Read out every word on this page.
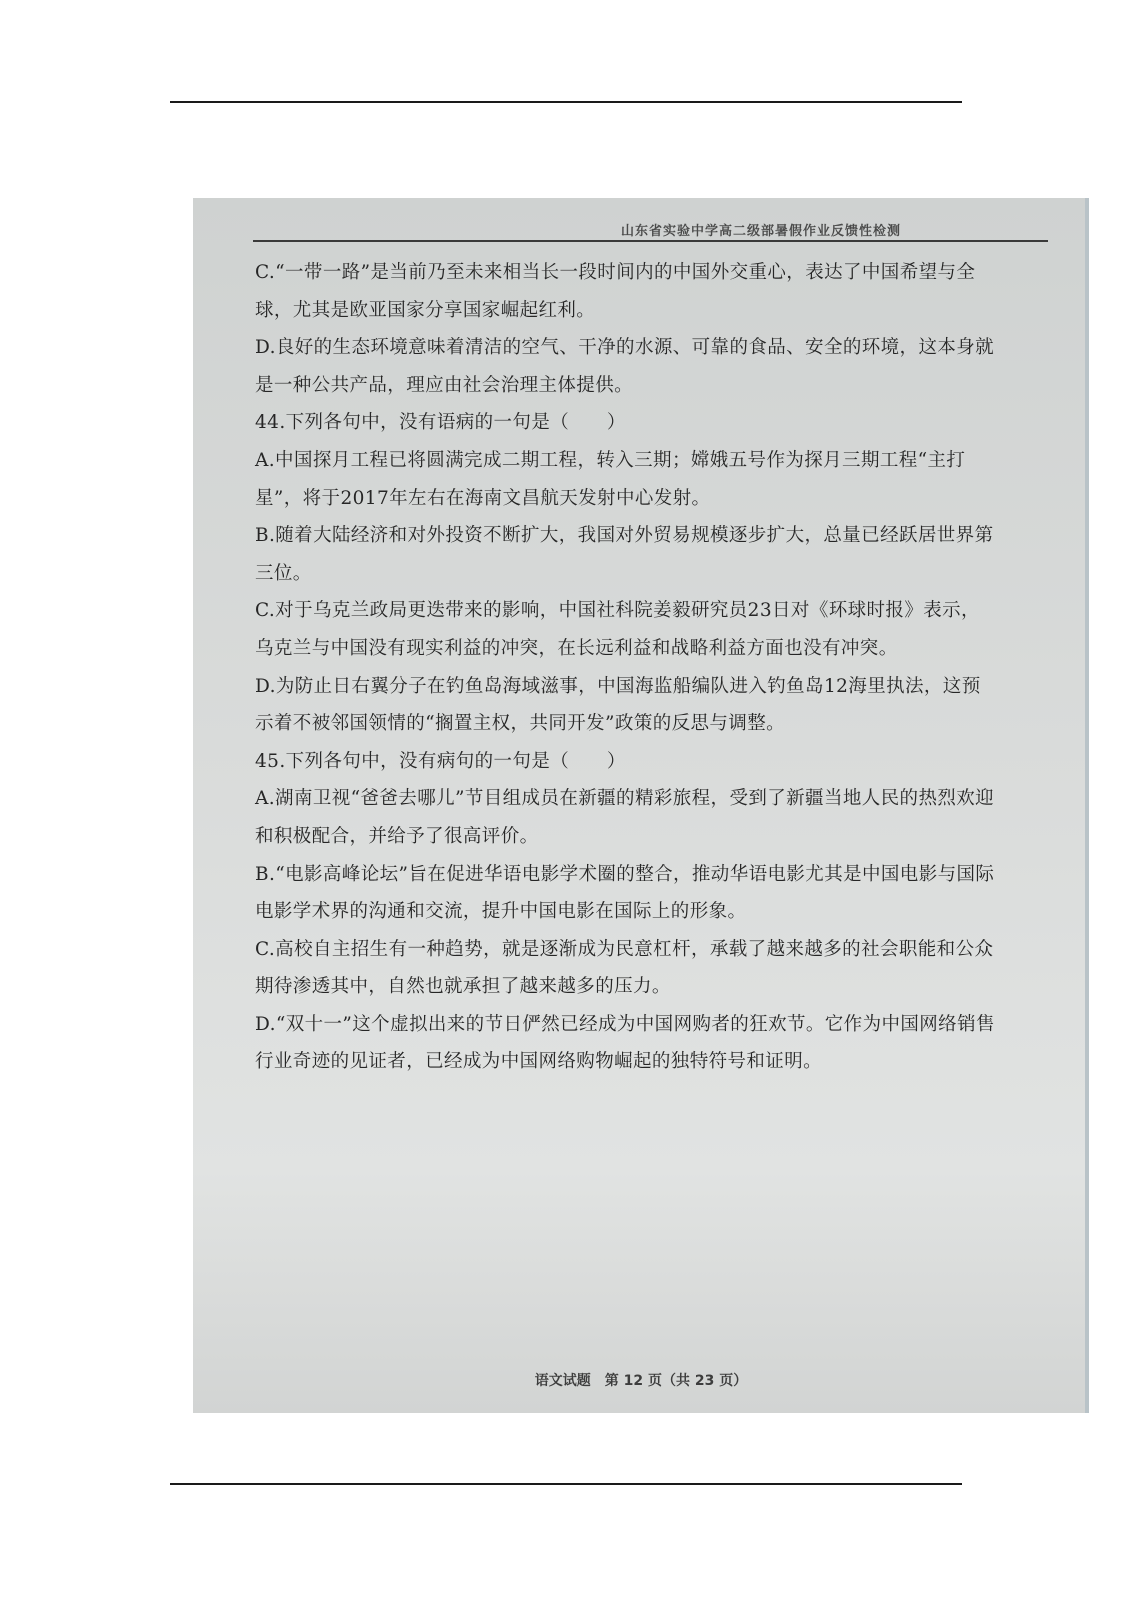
山东省实验中学高二级部暑假作业反馈性检测

C.“一带一路”是当前乃至未来相当长一段时间内的中国外交重心，表达了中国希望与全球，尤其是欧亚国家分享国家崛起红利。

D.良好的生态环境意味着清洁的空气、干净的水源、可靠的食品、安全的环境，这本身就是一种公共产品，理应由社会治理主体提供。

44.下列各句中，没有语病的一句是（　　）

A.中国探月工程已将圆满完成二期工程，转入三期；嫦娥五号作为探月三期工程“主打星”，将于2017年左右在海南文昌航天发射中心发射。

B.随着大陆经济和对外投资不断扩大，我国对外贸易规模逐步扩大，总量已经跃居世界第三位。

C.对于乌克兰政局更迭带来的影响，中国社科院姜毅研究员23日对《环球时报》表示，乌克兰与中国没有现实利益的冲突，在长远利益和战略利益方面也没有冲突。

D.为防止日右翼分子在钓鱼岛海域滋事，中国海监船编队进入钓鱼岛12海里执法，这预示着不被邻国领情的“搁置主权，共同开发”政策的反思与调整。

45.下列各句中，没有病句的一句是（　　）

A.湖南卫视“爸爸去哪儿”节目组成员在新疆的精彩旅程，受到了新疆当地人民的热烈欢迎和积极配合，并给予了很高评价。

B.“电影高峰论坛”旨在促进华语电影学术圈的整合，推动华语电影尤其是中国电影与国际电影学术界的沟通和交流，提升中国电影在国际上的形象。

C.高校自主招生有一种趋势，就是逐渐成为民意杠杆，承载了越来越多的社会职能和公众期待渗透其中，自然也就承担了越来越多的压力。

D.“双十一”这个虚拟出来的节日俨然已经成为中国网购者的狂欢节。它作为中国网络销售行业奇迹的见证者，已经成为中国网络购物崛起的独特符号和证明。

语文试题　第 12 页（共 23 页）
